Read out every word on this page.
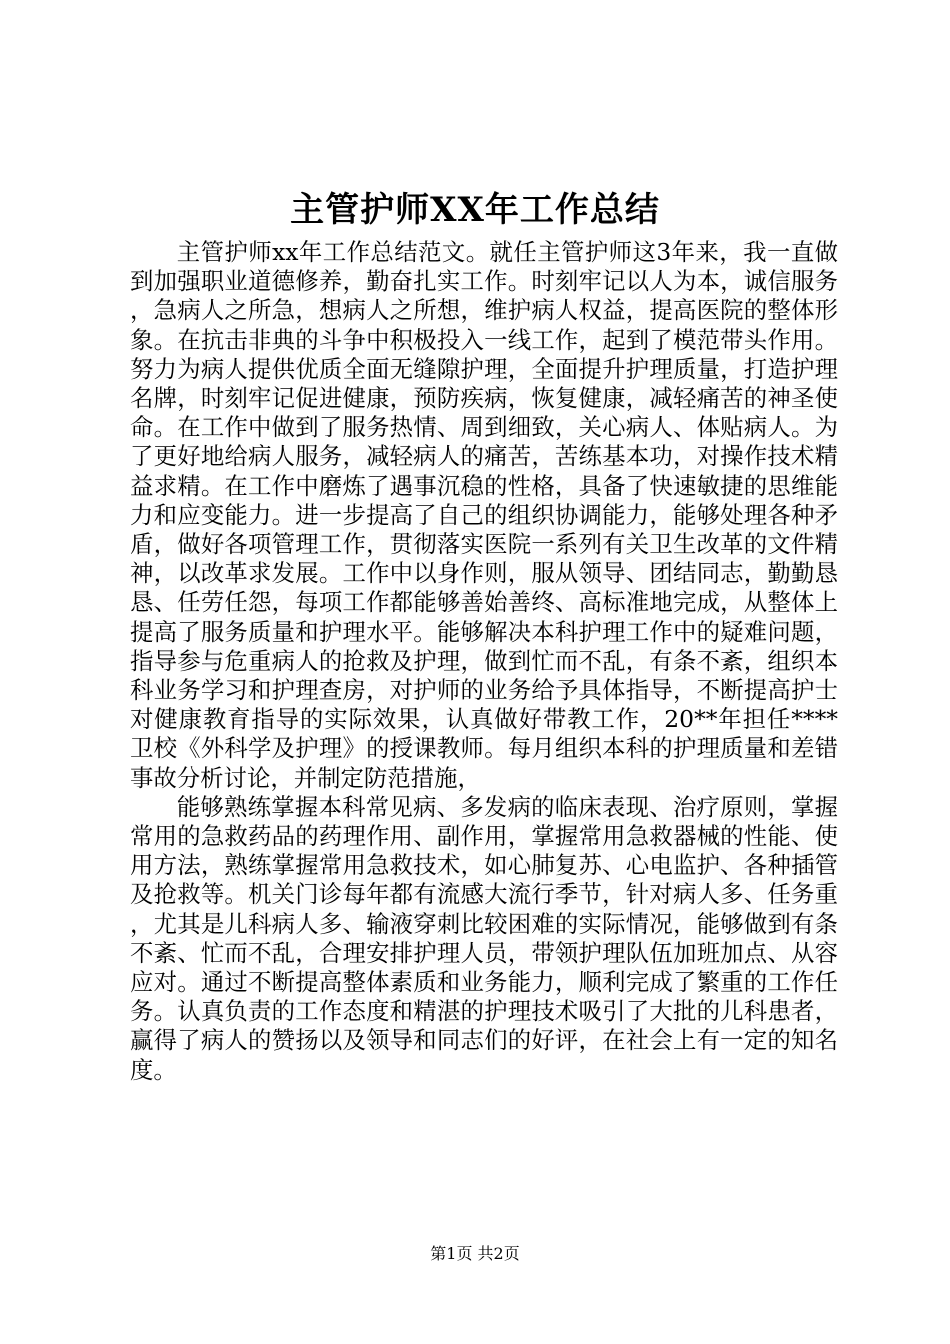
主管护师XX年工作总结

主管护师xx年工作总结范文。就任主管护师这3年来，我一直做到加强职业道德修养，勤奋扎实工作。时刻牢记以人为本，诚信服务，急病人之所急，想病人之所想，维护病人权益，提高医院的整体形象。在抗击非典的斗争中积极投入一线工作，起到了模范带头作用。努力为病人提供优质全面无缝隙护理，全面提升护理质量，打造护理名牌，时刻牢记促进健康，预防疾病，恢复健康，减轻痛苦的神圣使命。在工作中做到了服务热情、周到细致，关心病人、体贴病人。为了更好地给病人服务，减轻病人的痛苦，苦练基本功，对操作技术精益求精。在工作中磨炼了遇事沉稳的性格，具备了快速敏捷的思维能力和应变能力。进一步提高了自己的组织协调能力，能够处理各种矛盾，做好各项管理工作，贯彻落实医院一系列有关卫生改革的文件精神，以改革求发展。工作中以身作则，服从领导、团结同志，勤勤恳恳、任劳任怨，每项工作都能够善始善终、高标准地完成，从整体上提高了服务质量和护理水平。能够解决本科护理工作中的疑难问题，指导参与危重病人的抢救及护理，做到忙而不乱，有条不紊，组织本科业务学习和护理查房，对护师的业务给予具体指导，不断提高护士对健康教育指导的实际效果，认真做好带教工作，20**年担任****卫校《外科学及护理》的授课教师。每月组织本科的护理质量和差错事故分析讨论，并制定防范措施，

能够熟练掌握本科常见病、多发病的临床表现、治疗原则，掌握常用的急救药品的药理作用、副作用，掌握常用急救器械的性能、使用方法，熟练掌握常用急救技术，如心肺复苏、心电监护、各种插管及抢救等。机关门诊每年都有流感大流行季节，针对病人多、任务重，尤其是儿科病人多、输液穿刺比较困难的实际情况，能够做到有条不紊、忙而不乱，合理安排护理人员，带领护理队伍加班加点、从容应对。通过不断提高整体素质和业务能力，顺利完成了繁重的工作任务。认真负责的工作态度和精湛的护理技术吸引了大批的儿科患者，赢得了病人的赞扬以及领导和同志们的好评，在社会上有一定的知名度。

第1页 共2页
